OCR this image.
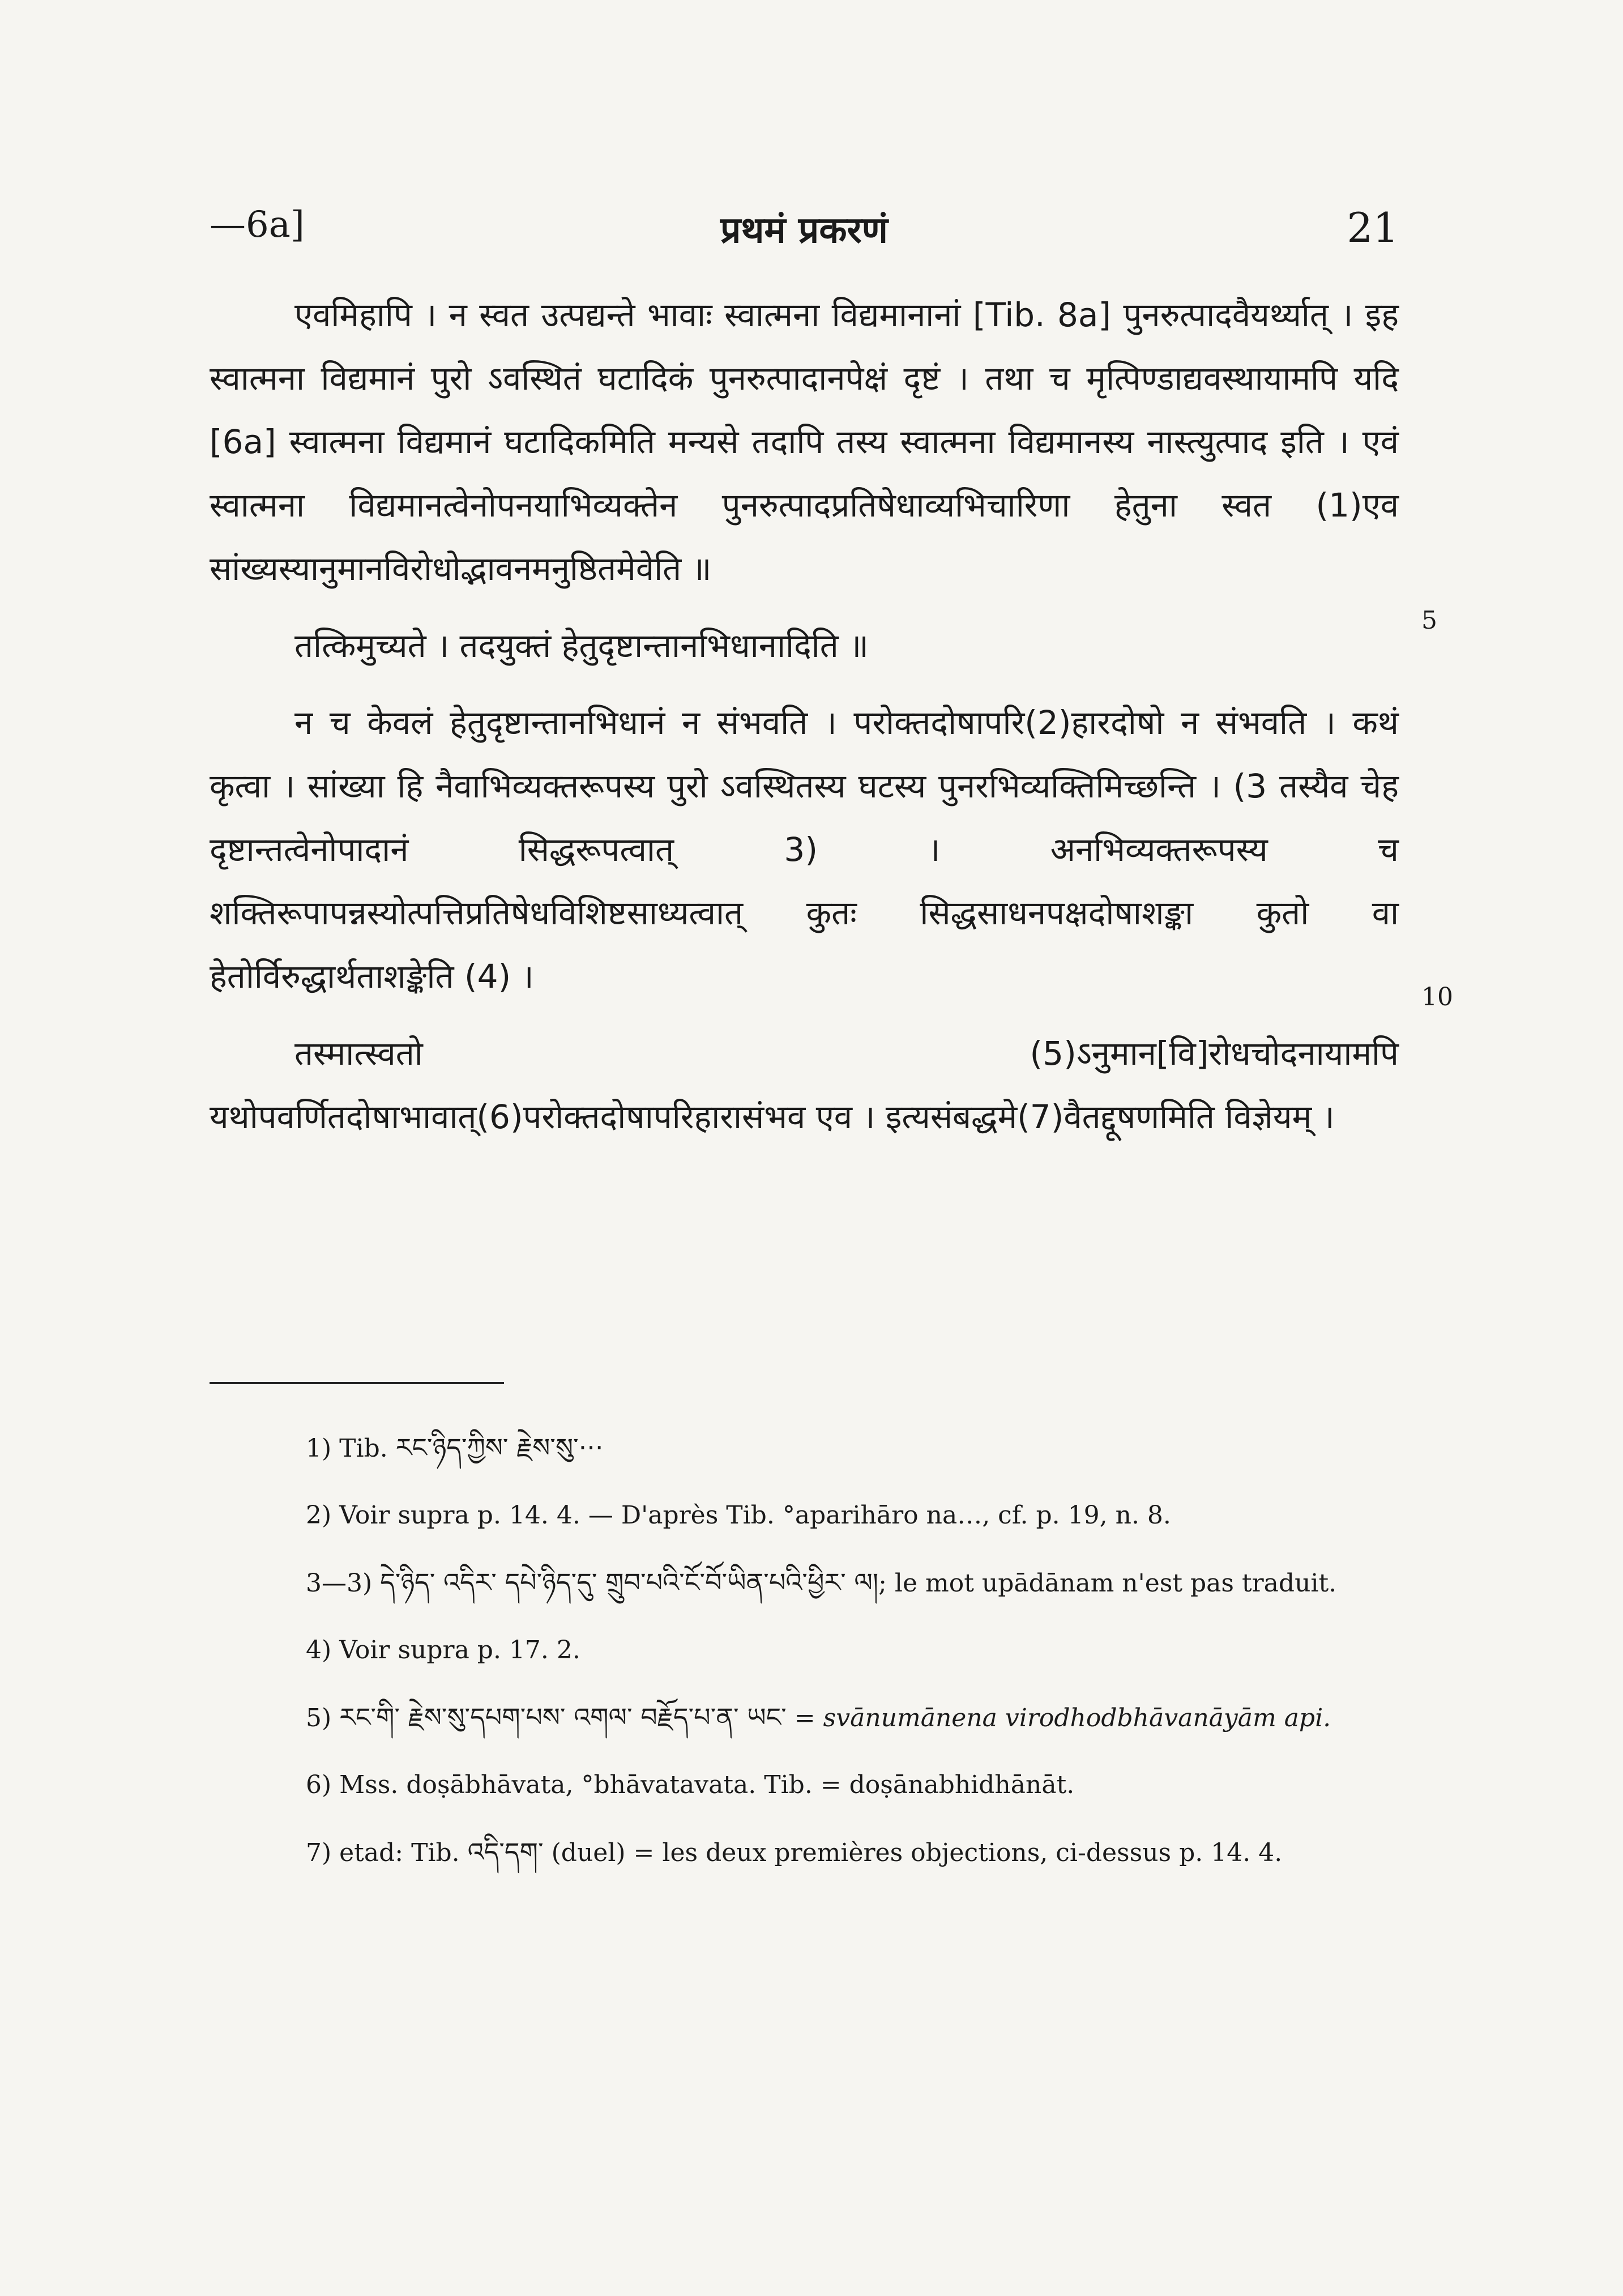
—6a]	प्रथमं प्रकरणं	21

एवमिहापि । न स्वत उत्पद्यन्ते भावाः स्वात्मना विद्यमानानां [Tib. 8a] पुनरुत्पादवैयर्थ्यात् । इह स्वात्मना विद्यमानं पुरो ऽवस्थितं घटादिकं पुनरुत्पादानपेक्षं दृष्टं । तथा च मृत्पिण्डाद्यवस्थायामपि यदि [6a] स्वात्मना विद्यमानं घटादिकमिति मन्यसे तदापि तस्य स्वात्मना विद्यमानस्य नास्त्युत्पाद इति । एवं स्वात्मना विद्यमानत्वेनोपनयाभिव्यक्तेन पुनरुत्पादप्रतिषेधाव्यभिचारिणा हेतुना स्वत (1)एव सांख्यस्यानुमानविरोधोद्भावनमनुष्ठितमेवेति ॥

तत्किमुच्यते । तदयुक्तं हेतुदृष्टान्तानभिधानादिति ॥

न च केवलं हेतुदृष्टान्तानभिधानं न संभवति । परोक्तदोषापरि(2)हारदोषो न संभवति । कथं कृत्वा । सांख्या हि नैवाभिव्यक्तरूपस्य पुरो ऽवस्थितस्य घटस्य पुनरभिव्यक्तिमिच्छन्ति । (3 तस्यैव चेह दृष्टान्तत्वेनोपादानं सिद्धरूपत्वात् 3) । अनभिव्यक्तरूपस्य च शक्तिरूपापन्नस्योत्पत्तिप्रतिषेधविशिष्टसाध्यत्वात् कुतः सिद्धसाधनपक्षदोषाशङ्का कुतो वा हेतोर्विरुद्धार्थताशङ्केति (4) ।

तस्मात्स्वतो (5)ऽनुमान[वि]रोधचोदनायामपि यथोपवर्णितदोषाभावात्(6)परोक्तदोषापरिहारासंभव एव । इत्यसंबद्धमे(7)वैतद्दूषणमिति विज्ञेयम् ।

5
10
1) Tib. རང་ཉིད་ཀྱིས་ རྗེས་སུ་···
2) Voir supra p. 14. 4. — D'après Tib. °aparihāro na…, cf. p. 19, n. 8.
3—3) དེ་ཉིད་ འདིར་ དཔེ་ཉིད་དུ་ གྲུབ་པའི་ངོ་བོ་ཡིན་པའི་ཕྱིར་ ལ།; le mot upādānam n'est pas traduit.
4) Voir supra p. 17. 2.
5) རང་གི་ རྗེས་སུ་དཔག་པས་ འགལ་ བརྗོད་པ་ན་ ཡང་ = svānumānena virodhodbhāvanāyām api.
6) Mss. doṣābhāvata, °bhāvatavata. Tib. = doṣānabhidhānāt.
7) etad: Tib. འདི་དག་ (duel) = les deux premières objections, ci-dessus p. 14. 4.
